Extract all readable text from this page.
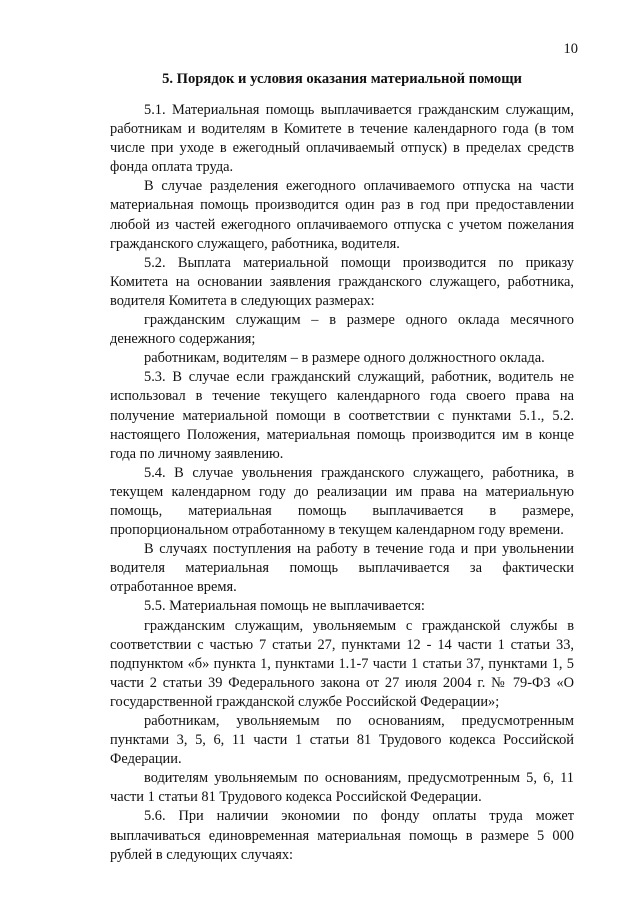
10
5. Порядок и условия оказания материальной помощи

5.1. Материальная помощь выплачивается гражданским служащим, работникам и водителям в Комитете в течение календарного года (в том числе при уходе в ежегодный оплачиваемый отпуск) в пределах средств фонда оплата труда.

В случае разделения ежегодного оплачиваемого отпуска на части материальная помощь производится один раз в год при предоставлении любой из частей ежегодного оплачиваемого отпуска с учетом пожелания гражданского служащего, работника, водителя.

5.2. Выплата материальной помощи производится по приказу Комитета на основании заявления гражданского служащего, работника, водителя Комитета в следующих размерах:

гражданским служащим – в размере одного оклада месячного денежного содержания;

работникам, водителям – в размере одного должностного оклада.

5.3. В случае если гражданский служащий, работник, водитель не использовал в течение текущего календарного года своего права на получение материальной помощи в соответствии с пунктами 5.1., 5.2. настоящего Положения, материальная помощь производится им в конце года по личному заявлению.

5.4. В случае увольнения гражданского служащего, работника, в текущем календарном году до реализации им права на материальную помощь, материальная помощь выплачивается в размере, пропорциональном отработанному в текущем календарном году времени.

В случаях поступления на работу в течение года и при увольнении водителя материальная помощь выплачивается за фактически отработанное время.

5.5. Материальная помощь не выплачивается:

гражданским служащим, увольняемым с гражданской службы в соответствии с частью 7 статьи 27, пунктами 12 - 14 части 1 статьи 33, подпунктом «б» пункта 1, пунктами 1.1-7 части 1 статьи 37, пунктами 1, 5 части 2 статьи 39 Федерального закона от 27 июля 2004 г. № 79-ФЗ «О государственной гражданской службе Российской Федерации»;

работникам, увольняемым по основаниям, предусмотренным пунктами 3, 5, 6, 11 части 1 статьи 81 Трудового кодекса Российской Федерации.

водителям увольняемым по основаниям, предусмотренным 5, 6, 11 части 1 статьи 81 Трудового кодекса Российской Федерации.

5.6. При наличии экономии по фонду оплаты труда может выплачиваться единовременная материальная помощь в размере 5 000 рублей в следующих случаях:
